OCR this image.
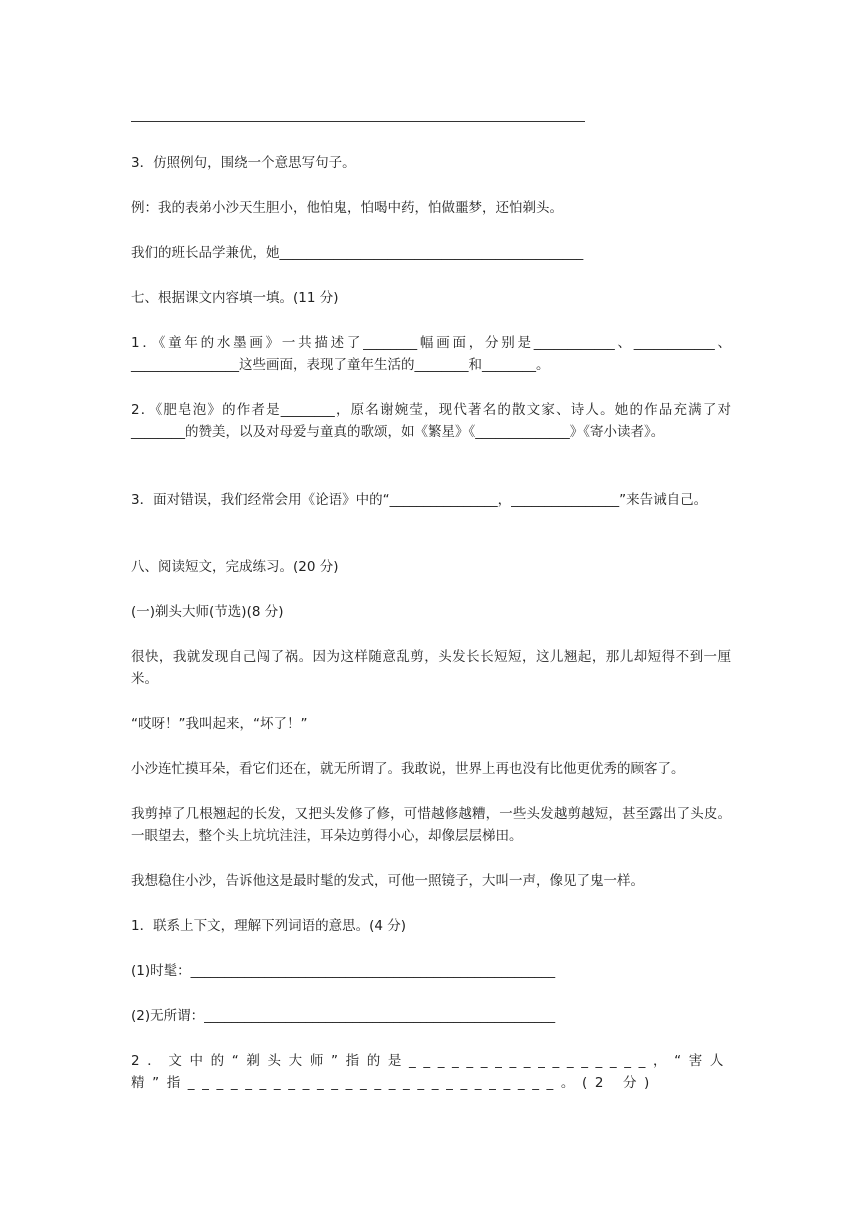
3．仿照例句，围绕一个意思写句子。
例：我的表弟小沙天生胆小，他怕鬼，怕喝中药，怕做噩梦，还怕剃头。
我们的班长品学兼优，她_____________________________________________
七、根据课文内容填一填。(11 分)
1．《童年的水墨画》一共描述了________幅画面，分别是____________、____________、________________这些画面，表现了童年生活的________和________。
2．《肥皂泡》的作者是________，原名谢婉莹，现代著名的散文家、诗人。她的作品充满了对________的赞美，以及对母爱与童真的歌颂，如《繁星》《______________》《寄小读者》。
3．面对错误，我们经常会用《论语》中的“________________，________________”来告诫自己。
八、阅读短文，完成练习。(20 分)
(一)剃头大师(节选)(8 分)
很快，我就发现自己闯了祸。因为这样随意乱剪，头发长长短短，这儿翘起，那儿却短得不到一厘米。
“哎呀！”我叫起来，“坏了！”
小沙连忙摸耳朵，看它们还在，就无所谓了。我敢说，世界上再也没有比他更优秀的顾客了。
我剪掉了几根翘起的长发，又把头发修了修，可惜越修越糟，一些头发越剪越短，甚至露出了头皮。一眼望去，整个头上坑坑洼洼，耳朵边剪得小心，却像层层梯田。
我想稳住小沙，告诉他这是最时髦的发式，可他一照镜子，大叫一声，像见了鬼一样。
1．联系上下文，理解下列词语的意思。(4 分)
(1)时髦：______________________________________________________
(2)无所谓：____________________________________________________
2．文中的“剃头大师”指的是_________________，“害人精”指__________________________。(2 分)
